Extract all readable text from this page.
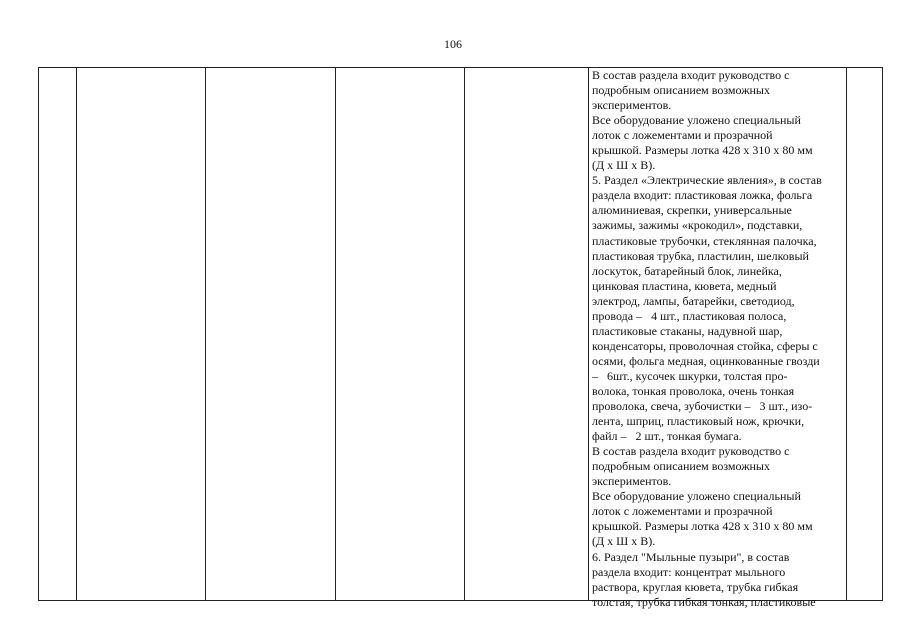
106
В состав раздела входит руководство с
подробным описанием возможных
экспериментов.
Все оборудование уложено специальный
лоток с ложементами и прозрачной
крышкой. Размеры лотка 428 х 310 х 80 мм
(Д х Ш х В).
5. Раздел «Электрические явления», в состав
раздела входит: пластиковая ложка, фольга
алюминиевая, скрепки, универсальные
зажимы, зажимы «крокодил», подставки,
пластиковые трубочки, стеклянная палочка,
пластиковая трубка, пластилин, шелковый
лоскуток, батарейный блок, линейка,
цинковая пластина, кювета, медный
электрод, лампы, батарейки, светодиод,
провода –   4 шт., пластиковая полоса,
пластиковые стаканы, надувной шар,
конденсаторы, проволочная стойка, сферы с
осями, фольга медная, оцинкованные гвозди
–   6шт., кусочек шкурки, толстая про-
волока, тонкая проволока, очень тонкая
проволока, свеча, зубочистки –   3 шт., изо-
лента, шприц, пластиковый нож, крючки,
файл –   2 шт., тонкая бумага.
В состав раздела входит руководство с
подробным описанием возможных
экспериментов.
Все оборудование уложено специальный
лоток с ложементами и прозрачной
крышкой. Размеры лотка 428 х 310 х 80 мм
(Д х Ш х В).
6. Раздел "Мыльные пузыри", в состав
раздела входит: концентрат мыльного
раствора, круглая кювета, трубка гибкая
толстая, трубка гибкая тонкая, пластиковые
